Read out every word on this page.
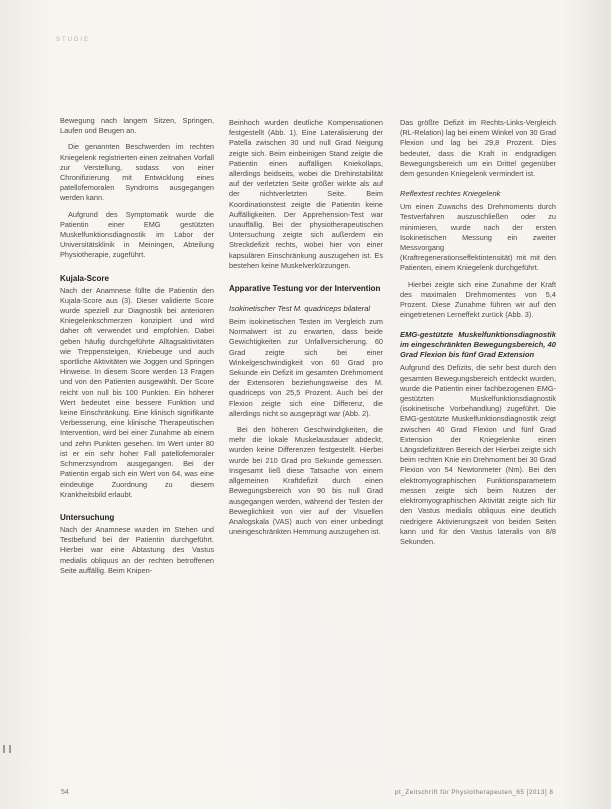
STUDIE

Bewegung nach langem Sitzen, Springen, Laufen und Beugen an.

Die genannten Beschwerden im rechten Kniegelenk registrierten einen zeitnahen Vorfall zur Verstellung, sodass von einer Chronifizierung mit Entwicklung eines patellofemoralen Syndroms ausgegangen werden kann.

Aufgrund des Symptomatik wurde die Patientin einer EMG gestützten Muskelfunktionsdiagnostik im Labor der Universitätsklinik in Meiningen, Abteilung Physiotherapie, zugeführt.

Kujala-Score

Nach der Anamnese füllte die Patientin den Kujala-Score aus (3). Dieser validierte Score wurde speziell zur Diagnostik bei anterioren Kniegelenkschmerzen konzipiert und wird daher oft verwendet und empfohlen. Dabei geben häufig durchgeführte Alltagsaktivitäten wie Treppensteigen, Kniebeuge und auch sportliche Aktivitäten wie Joggen und Springen Hinweise. In diesem Score werden 13 Fragen und von den Patienten ausgewählt. Der Score reicht von null bis 100 Punkten. Ein höherer Wert bedeutet eine bessere Funktion und keine Einschränkung. Eine klinisch signifikante Verbesserung, eine klinische Therapeutischen Intervention, wird bei einer Zunahme ab einem und zehn Punkten gesehen. Im Wert unter 80 ist er ein sehr hoher Fall patellofemoraler Schmerzsyndrom ausgegangen. Bei der Patientin ergab sich ein Wert von 64, was eine eindeutige Zuordnung zu diesem Krankheitsbild erlaubt.

Untersuchung

Nach der Anamnese wurden im Stehen und Testbefund bei der Patientin durchgeführt. Hierbei war eine Abtastung des Vastus medialis obliquus an der rechten betroffenen Seite auffällig. Beim Knipen-

Beinhoch wurden deutliche Kompensationen festgestellt (Abb. 1). Eine Lateralisierung der Patella zwischen 30 und null Grad Neigung zeigte sich. Beim einbeinigen Stand zeigte die Patientin einen auffälligen Kniekollaps, allerdings beidseits, wobei die Drehinstabilität auf der verletzten Seite größer wirkte als auf der nichtverletzten Seite. Beim Koordinationstest zeigte die Patientin keine Auffälligkeiten. Der Apprehension-Test war unauffällig. Bei der physiotherapeutischen Untersuchung zeigte sich außerdem ein Streckdefizit rechts, wobei hier von einer kapsulären Einschränkung auszugehen ist. Es bestehen keine Muskelverkürzungen.

Apparative Testung vor der Intervention
Isokinetischer Test M. quadriceps bilateral

Beim isokinetischen Testen im Vergleich zum Normalwert ist zu erwarten, dass beide Gewichtigkeiten zur Unfallversicherung. 60 Grad zeigte sich bei einer Winkelgeschwindigkeit von 60 Grad pro Sekunde ein Defizit im gesamten Drehmoment der Extensoren beziehungsweise des M. quadriceps von 25,5 Prozent. Auch bei der Flexion zeigte sich eine Differenz, die allerdings nicht so ausgeprägt war (Abb. 2).

Bei den höheren Geschwindigkeiten, die mehr die lokale Muskelausdauer abdeckt, wurden keine Differenzen festgestellt. Hierbei wurde bei 210 Grad pro Sekunde gemessen. Insgesamt ließ diese Tatsache von einem allgemeinen Kraftdefizit durch einen Bewegungsbereich von 90 bis null Grad ausgegangen werden, während der Testen der Beweglichkeit von vier auf der Visuellen Analogskala (VAS) auch von einer unbedingt uneingeschränkten Hemmung auszugehen ist.

Das größte Defizit im Rechts-Links-Vergleich (RL-Relation) lag bei einem Winkel von 30 Grad Flexion und lag bei 29,8 Prozent. Dies bedeutet, dass die Kraft in endgradigen Bewegungsbereich um ein Drittel gegenüber dem gesunden Kniegelenk vermindert ist.

Reflextest rechtes Kniegelenk

Um einen Zuwachs des Drehmoments durch Testverfahren auszuschließen oder zu minimieren, wurde nach der ersten Isokinetischen Messung ein zweiter Messvorgang (Kraftregenerationseffektintensität) mit mit den Patienten, einem Kniegelenk durchgeführt.

Hierbei zeigte sich eine Zunahme der Kraft des maximalen Drehmomentes von 5,4 Prozent. Diese Zunahme führen wir auf den eingetretenen Lerneffekt zurück (Abb. 3).

EMG-gestützte Muskelfunktionsdiagnostik im eingeschränkten Bewegungsbereich, 40 Grad Flexion bis fünf Grad Extension

Aufgrund des Defizits, die sehr best durch den gesamten Bewegungsbereich entdeckt wurden, wurde die Patientin einer fachbezogenen EMG-gestützten Muskelfunktionsdiagnostik (isokinetische Vorbehandlung) zugeführt. Die EMG-gestützte Muskelfunktionsdiagnostik zeigt zwischen 40 Grad Flexion und fünf Grad Extension der Kniegelenke einen Längsdefizitären Bereich der Hierbei zeigte sich beim rechten Knie ein Drehmoment bei 30 Grad Flexion von 54 Newtonmeter (Nm). Bei den elektromyographischen Funktionsparametern messen zeigte sich beim Nutzen der elektromyographischen Aktivität zeigte sich für den Vastus medialis obliquus eine deutlich niedrigere Aktivierungszeit von beiden Seiten kann und für den Vastus lateralis von 8/8 Sekunden.

54	pt_Zeitschrift für Physiotherapeuten_65 [2013] 8
